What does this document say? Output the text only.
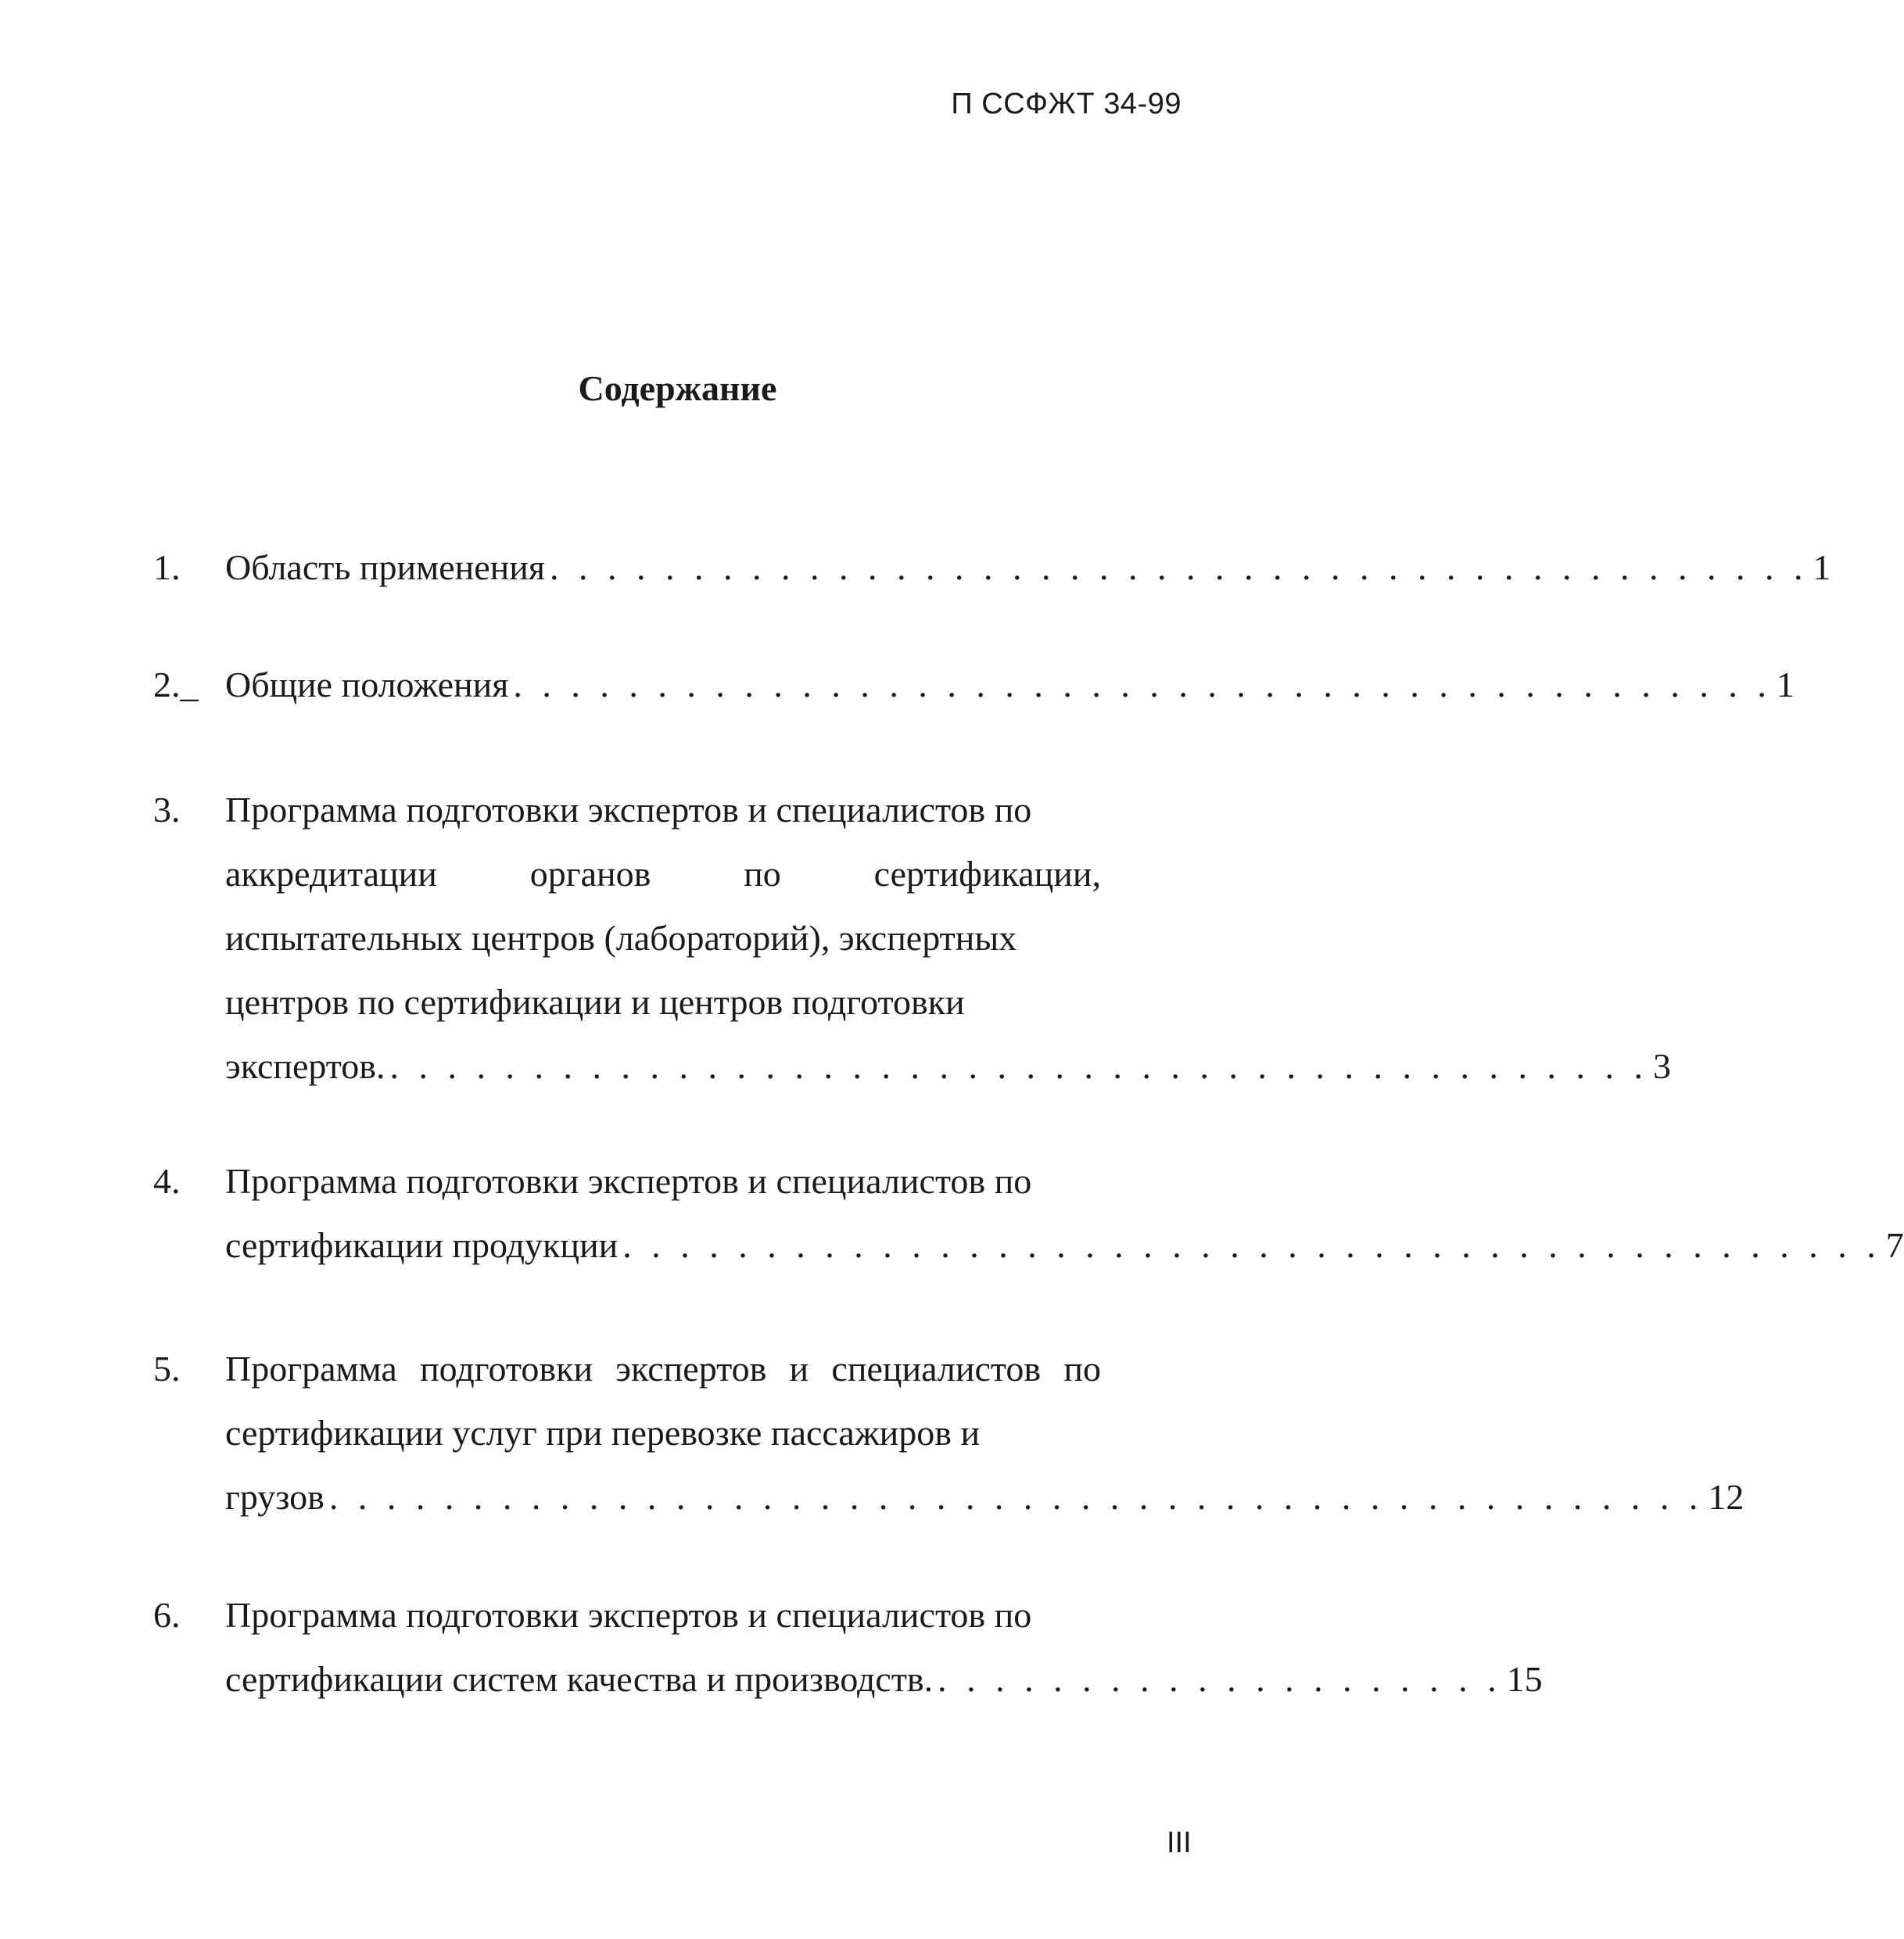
П ССФЖТ 34-99
Содержание
1. Область применения . . . . . . . . . . . . . . . . . . . . . . . . . . . . . . . . . . . . . . . . . . . . 1
2._ Общие положения . . . . . . . . . . . . . . . . . . . . . . . . . . . . . . . . . . . . . . . . . . . . 1
3. Программа подготовки экспертов и специалистов по
аккредитации	органов	по	сертификации,
испытательных центров (лабораторий), экспертных
центров по сертификации и центров подготовки
экспертов. . . . . . . . . . . . . . . . . . . . . . . . . . . . . . . . . . . . . . . . . . . . . 3
4. Программа подготовки экспертов и специалистов по
сертификации продукции . . . . . . . . . . . . . . . . . . . . . . . . . . . . . . . . . . . . . . . . . . . . 7
5. Программа подготовки экспертов и специалистов по
сертификации услуг при перевозке пассажиров и
грузов . . . . . . . . . . . . . . . . . . . . . . . . . . . . . . . . . . . . . . . . . . . . . . . . 12
6. Программа подготовки экспертов и специалистов по
сертификации систем качества и производств. . . . . . . . . . . . . . . . . . . . . 15
III
